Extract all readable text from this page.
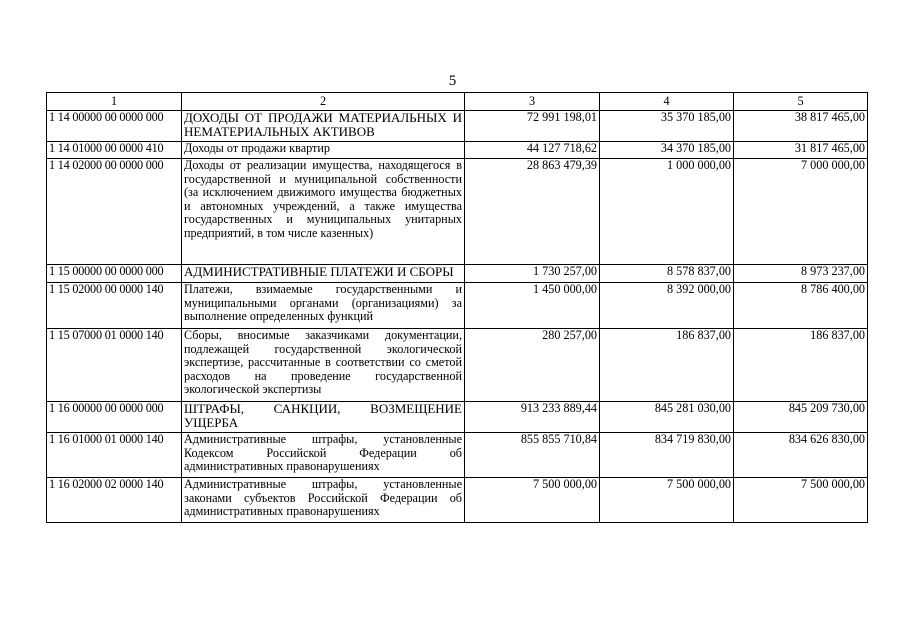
5
1	2	3	4	5
1 14 00000 00 0000 000	ДОХОДЫ ОТ ПРОДАЖИ МАТЕРИАЛЬНЫХ И НЕМАТЕРИАЛЬНЫХ АКТИВОВ	72 991 198,01	35 370 185,00	38 817 465,00
1 14 01000 00 0000 410	Доходы от продажи квартир	44 127 718,62	34 370 185,00	31 817 465,00
1 14 02000 00 0000 000	Доходы от реализации имущества, находящегося в государственной и муниципальной собственности (за исключением движимого имущества бюджетных и автономных учреждений, а также имущества государственных и муниципальных унитарных предприятий, в том числе казенных)	28 863 479,39	1 000 000,00	7 000 000,00
1 15 00000 00 0000 000	АДМИНИСТРАТИВНЫЕ ПЛАТЕЖИ И СБОРЫ	1 730 257,00	8 578 837,00	8 973 237,00
1 15 02000 00 0000 140	Платежи, взимаемые государственными и муниципальными органами (организациями) за выполнение определенных функций	1 450 000,00	8 392 000,00	8 786 400,00
1 15 07000 01 0000 140	Сборы, вносимые заказчиками документации, подлежащей государственной экологической экспертизе, рассчитанные в соответствии со сметой расходов на проведение государственной экологической экспертизы	280 257,00	186 837,00	186 837,00
1 16 00000 00 0000 000	ШТРАФЫ, САНКЦИИ, ВОЗМЕЩЕНИЕ УЩЕРБА	913 233 889,44	845 281 030,00	845 209 730,00
1 16 01000 01 0000 140	Административные штрафы, установленные Кодексом Российской Федерации об административных правонарушениях	855 855 710,84	834 719 830,00	834 626 830,00
1 16 02000 02 0000 140	Административные штрафы, установленные законами субъектов Российской Федерации об административных правонарушениях	7 500 000,00	7 500 000,00	7 500 000,00
